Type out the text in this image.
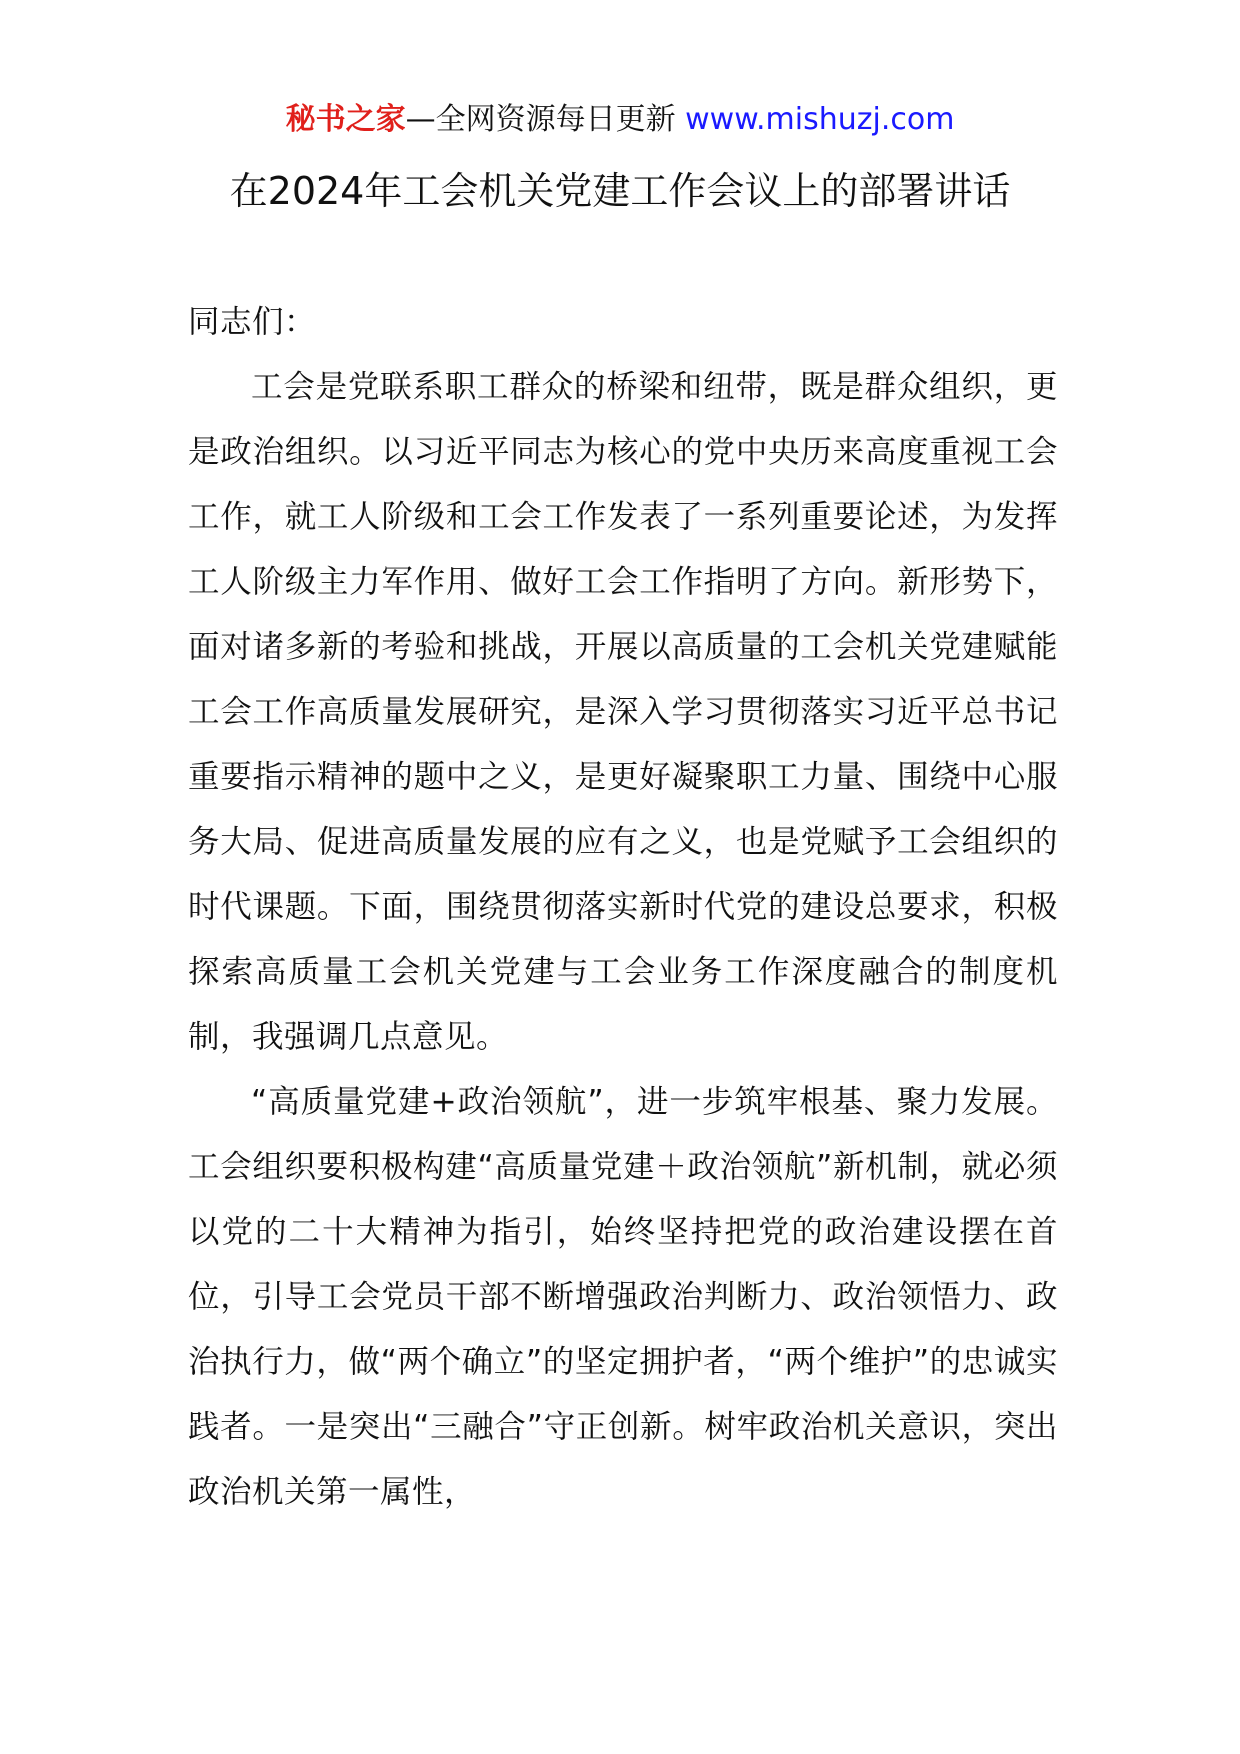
秘书之家—全网资源每日更新 www.mishuzj.com
在2024年工会机关党建工作会议上的部署讲话

同志们：

工会是党联系职工群众的桥梁和纽带，既是群众组织，更是政治组织。以习近平同志为核心的党中央历来高度重视工会工作，就工人阶级和工会工作发表了一系列重要论述，为发挥工人阶级主力军作用、做好工会工作指明了方向。新形势下，面对诸多新的考验和挑战，开展以高质量的工会机关党建赋能工会工作高质量发展研究，是深入学习贯彻落实习近平总书记重要指示精神的题中之义，是更好凝聚职工力量、围绕中心服务大局、促进高质量发展的应有之义，也是党赋予工会组织的时代课题。下面，围绕贯彻落实新时代党的建设总要求，积极探索高质量工会机关党建与工会业务工作深度融合的制度机制，我强调几点意见。

“高质量党建+政治领航”，进一步筑牢根基、聚力发展。工会组织要积极构建“高质量党建＋政治领航”新机制，就必须以党的二十大精神为指引，始终坚持把党的政治建设摆在首位，引导工会党员干部不断增强政治判断力、政治领悟力、政治执行力，做“两个确立”的坚定拥护者，“两个维护”的忠诚实践者。一是突出“三融合”守正创新。树牢政治机关意识，突出政治机关第一属性，
